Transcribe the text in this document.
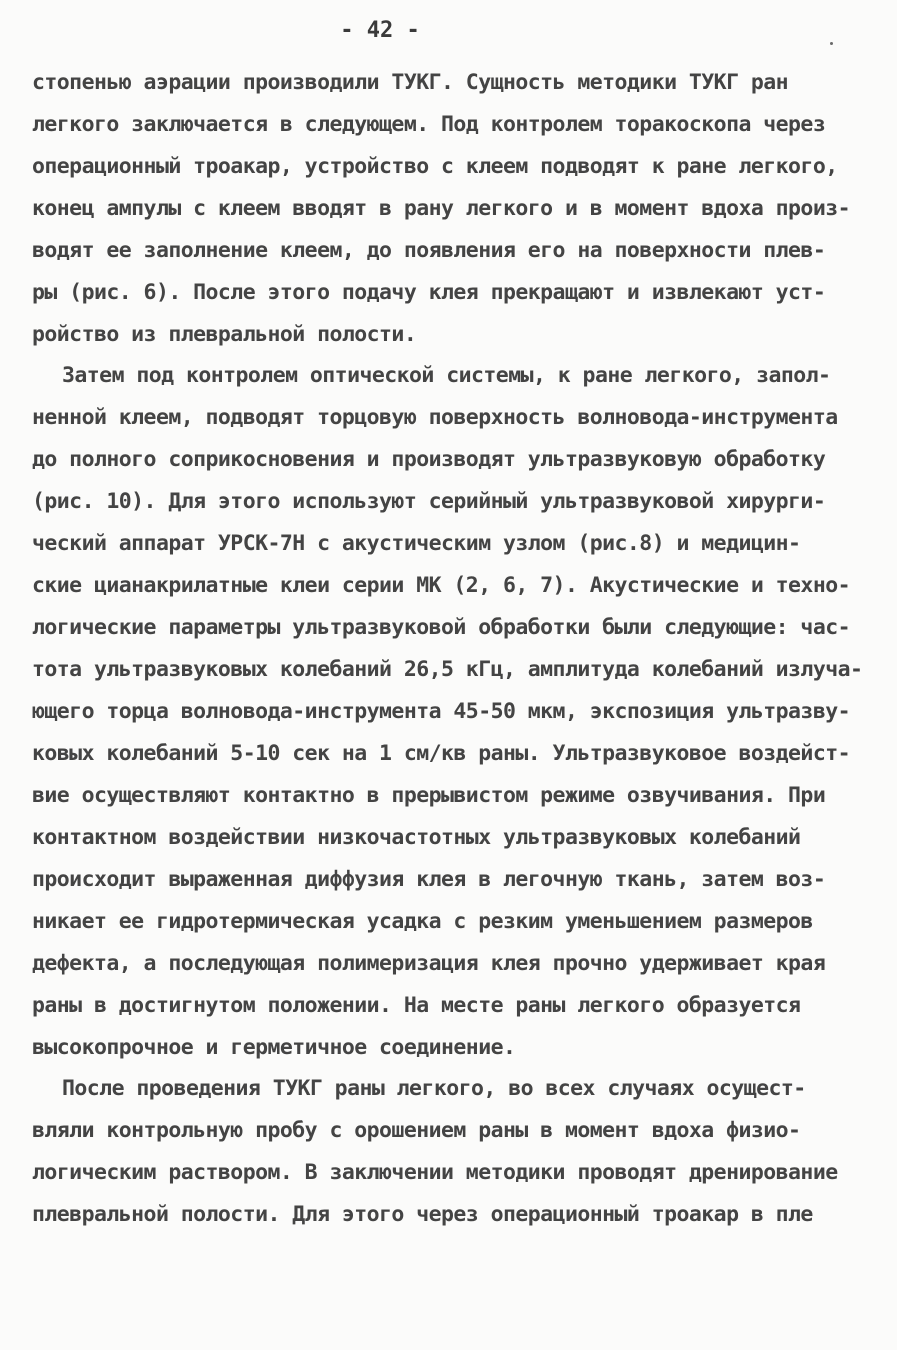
- 42 -
стопенью аэрации производили ТУКГ. Сущность методики ТУКГ ран
легкого заключается в следующем. Под контролем торакоскопа через
операционный троакар, устройство с клеем подводят к ране легкого,
конец ампулы с клеем вводят в рану легкого и в момент вдоха произ-
водят ее заполнение клеем, до появления его на поверхности плев-
ры (рис. 6). После этого подачу клея прекращают и извлекают уст-
ройство из плевральной полости.
Затем под контролем оптической системы, к ране легкого, запол-
ненной клеем, подводят торцовую поверхность волновода-инструмента
до полного соприкосновения и производят ультразвуковую обработку
(рис. 10). Для этого используют серийный ультразвуковой хирурги-
ческий аппарат УРСК-7Н с акустическим узлом (рис.8) и медицин-
ские цианакрилатные клеи серии МК (2, 6, 7). Акустические и техно-
логические параметры ультразвуковой обработки были следующие: час-
тота ультразвуковых колебаний 26,5 кГц, амплитуда колебаний излуча-
ющего торца волновода-инструмента 45-50 мкм, экспозиция ультразву-
ковых колебаний 5-10 сек на 1 см/кв раны. Ультразвуковое воздейст-
вие осуществляют контактно в прерывистом режиме озвучивания. При
контактном воздействии низкочастотных ультразвуковых колебаний
происходит выраженная диффузия клея в легочную ткань, затем воз-
никает ее гидротермическая усадка с резким уменьшением размеров
дефекта, а последующая полимеризация клея прочно удерживает края
раны в достигнутом положении. На месте раны легкого образуется
высокопрочное и герметичное соединение.
После проведения ТУКГ раны легкого, во всех случаях осущест-
вляли контрольную пробу с орошением раны в момент вдоха физио-
логическим раствором. В заключении методики проводят дренирование
плевральной полости. Для этого через операционный троакар в пле
